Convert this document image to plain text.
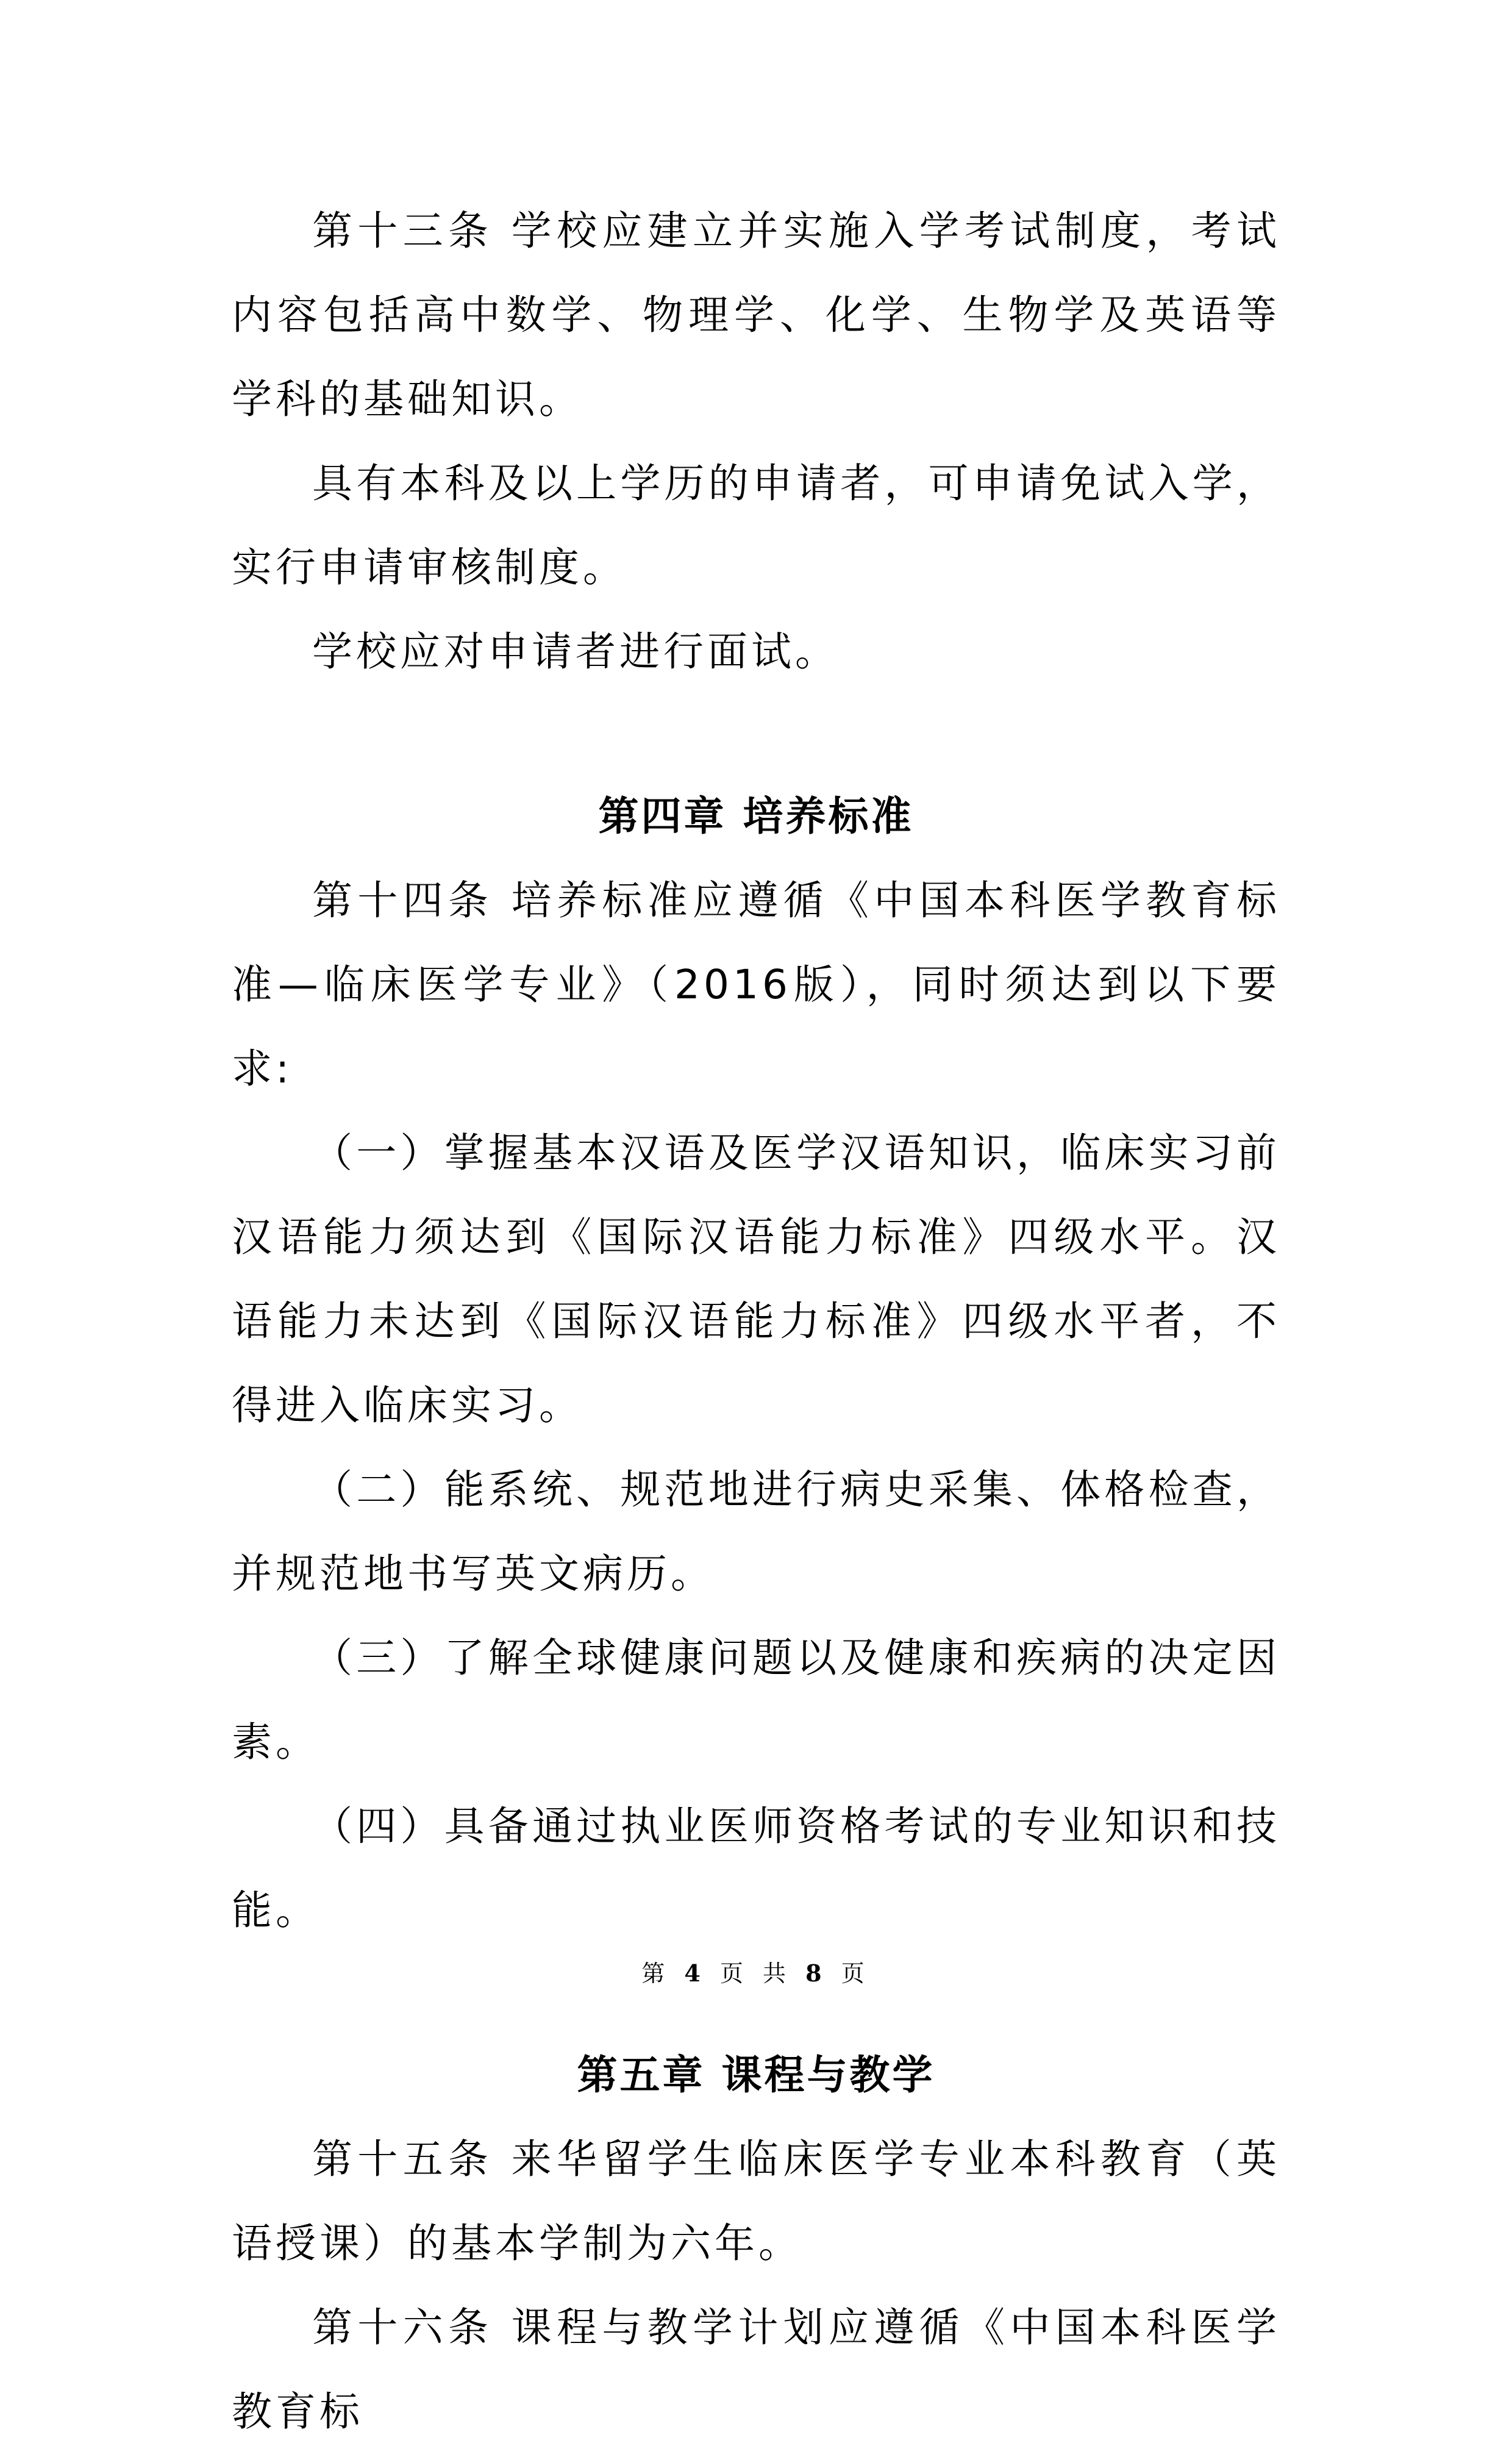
第十三条 学校应建立并实施入学考试制度，考试内容包括高中数学、物理学、化学、生物学及英语等学科的基础知识。

具有本科及以上学历的申请者，可申请免试入学，实行申请审核制度。

学校应对申请者进行面试。

第四章 培养标准

第十四条 培养标准应遵循《中国本科医学教育标准—临床医学专业》（2016版），同时须达到以下要求:

（一）掌握基本汉语及医学汉语知识，临床实习前汉语能力须达到《国际汉语能力标准》四级水平。汉语能力未达到《国际汉语能力标准》四级水平者，不得进入临床实习。

（二）能系统、规范地进行病史采集、体格检查，并规范地书写英文病历。

（三）了解全球健康问题以及健康和疾病的决定因素。

（四）具备通过执业医师资格考试的专业知识和技能。

第五章 课程与教学

第十五条 来华留学生临床医学专业本科教育（英语授课）的基本学制为六年。

第十六条 课程与教学计划应遵循《中国本科医学教育标

第 4 页 共 8 页
